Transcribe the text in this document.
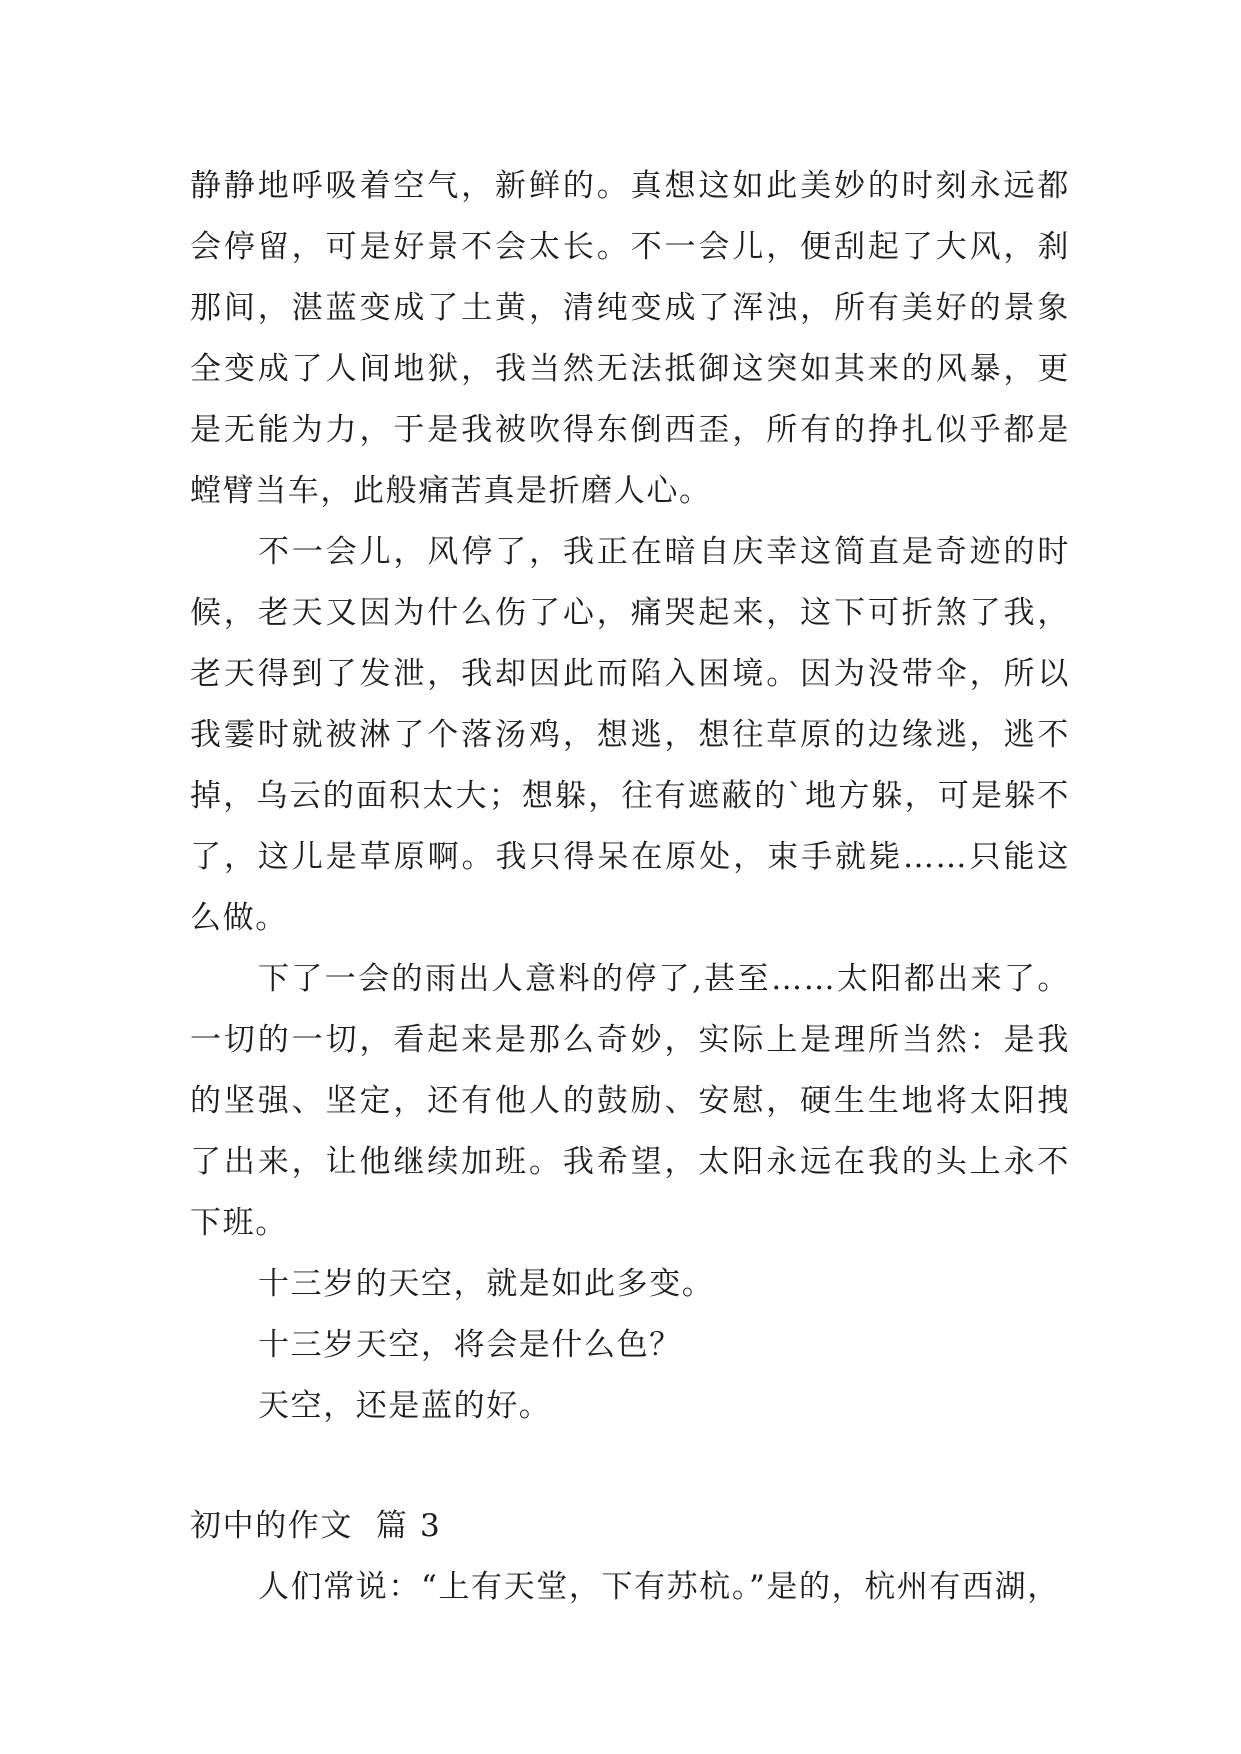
静静地呼吸着空气，新鲜的。真想这如此美妙的时刻永远都会停留，可是好景不会太长。不一会儿，便刮起了大风，刹那间，湛蓝变成了土黄，清纯变成了浑浊，所有美好的景象全变成了人间地狱，我当然无法抵御这突如其来的风暴，更是无能为力，于是我被吹得东倒西歪，所有的挣扎似乎都是螳臂当车，此般痛苦真是折磨人心。

不一会儿，风停了，我正在暗自庆幸这简直是奇迹的时候，老天又因为什么伤了心，痛哭起来，这下可折煞了我，老天得到了发泄，我却因此而陷入困境。因为没带伞，所以我霎时就被淋了个落汤鸡，想逃，想往草原的边缘逃，逃不掉，乌云的面积太大；想躲，往有遮蔽的`地方躲，可是躲不了，这儿是草原啊。我只得呆在原处，束手就毙……只能这么做。

下了一会的雨出人意料的停了,甚至……太阳都出来了。一切的一切，看起来是那么奇妙，实际上是理所当然：是我的坚强、坚定，还有他人的鼓励、安慰，硬生生地将太阳拽了出来，让他继续加班。我希望，太阳永远在我的头上永不下班。

十三岁的天空，就是如此多变。

十三岁天空，将会是什么色？

天空，还是蓝的好。

初中的作文  篇 3

人们常说：“上有天堂，下有苏杭。”是的，杭州有西湖，
